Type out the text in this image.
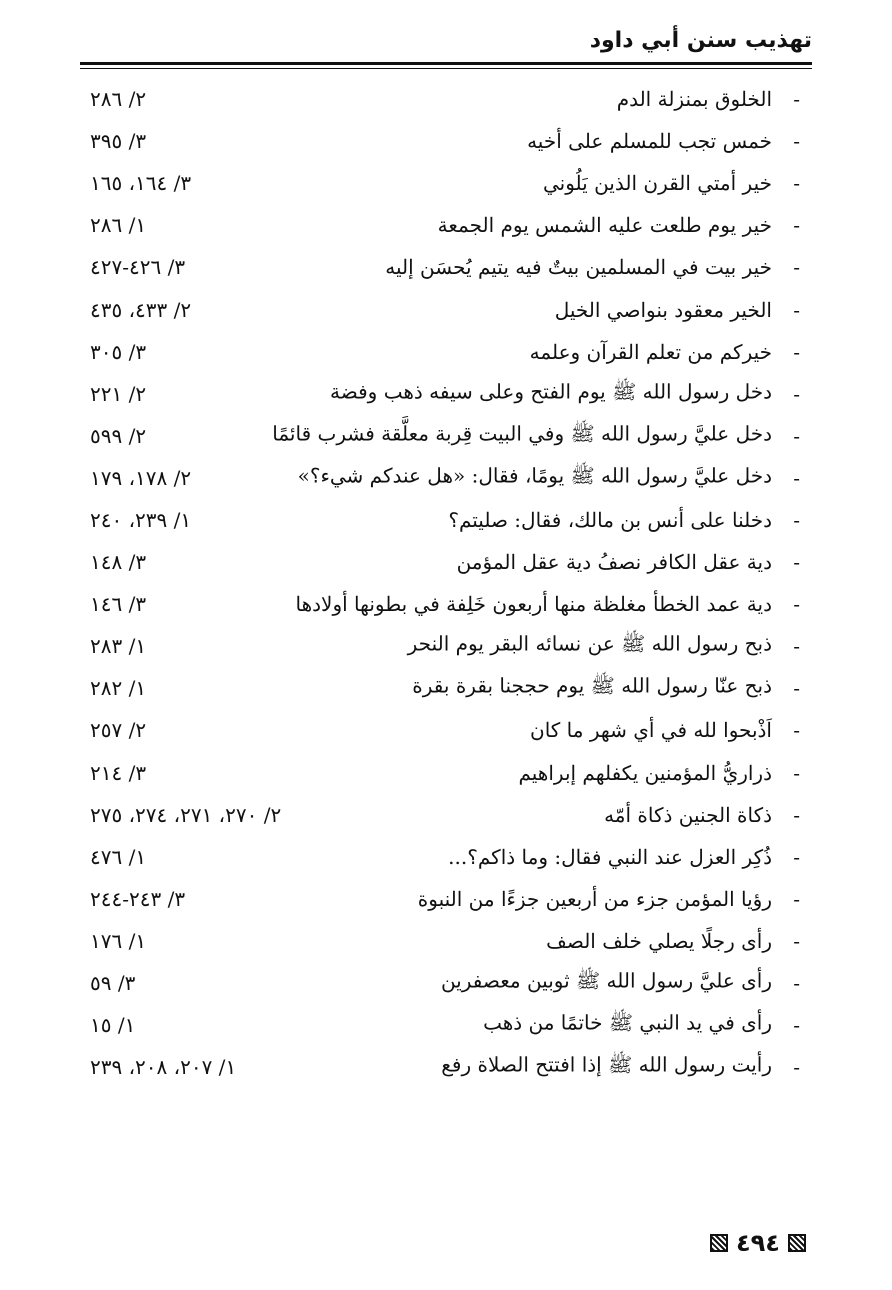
تهذيب سنن أبي داود
-
الخلوق بمنزلة الدم
٢/ ٢٨٦
-
خمس تجب للمسلم على أخيه
٣/ ٣٩٥
-
خير أمتي القرن الذين يَلُوني
٣/ ١٦٤، ١٦٥
-
خير يوم طلعت عليه الشمس يوم الجمعة
١/ ٢٨٦
-
خير بيت في المسلمين بيتٌ فيه يتيم يُحسَن إليه
٣/ ٤٢٦-٤٢٧
-
الخير معقود بنواصي الخيل
٢/ ٤٣٣، ٤٣٥
-
خيركم من تعلم القرآن وعلمه
٣/ ٣٠٥
-
دخل رسول الله ﷺ يوم الفتح وعلى سيفه ذهب وفضة
٢/ ٢٢١
-
دخل عليَّ رسول الله ﷺ وفي البيت قِربة معلَّقة فشرب قائمًا
٢/ ٥٩٩
-
دخل عليَّ رسول الله ﷺ يومًا، فقال: «هل عندكم شيء؟»
٢/ ١٧٨، ١٧٩
-
دخلنا على أنس بن مالك، فقال: صليتم؟
١/ ٢٣٩، ٢٤٠
-
دية عقل الكافر نصفُ دية عقل المؤمن
٣/ ١٤٨
-
دية عمد الخطأ مغلظة منها أربعون خَلِفة في بطونها أولادها
٣/ ١٤٦
-
ذبح رسول الله ﷺ عن نسائه البقر يوم النحر
١/ ٢٨٣
-
ذبح عنّا رسول الله ﷺ يوم حججنا بقرة بقرة
١/ ٢٨٢
-
اَذْبحوا لله في أي شهر ما كان
٢/ ٢٥٧
-
ذراريُّ المؤمنين يكفلهم إبراهيم
٣/ ٢١٤
-
ذكاة الجنين ذكاة أمّه
٢/ ٢٧٠، ٢٧١، ٢٧٤، ٢٧٥
-
ذُكِر العزل عند النبي فقال: وما ذاكم؟...
١/ ٤٧٦
-
رؤيا المؤمن جزء من أربعين جزءًا من النبوة
٣/ ٢٤٣-٢٤٤
-
رأى رجلًا يصلي خلف الصف
١/ ١٧٦
-
رأى عليَّ رسول الله ﷺ ثوبين معصفرين
٣/ ٥٩
-
رأى في يد النبي ﷺ خاتمًا من ذهب
١/ ١٥
-
رأيت رسول الله ﷺ إذا افتتح الصلاة رفع
١/ ٢٠٧، ٢٠٨، ٢٣٩
٤٩٤
